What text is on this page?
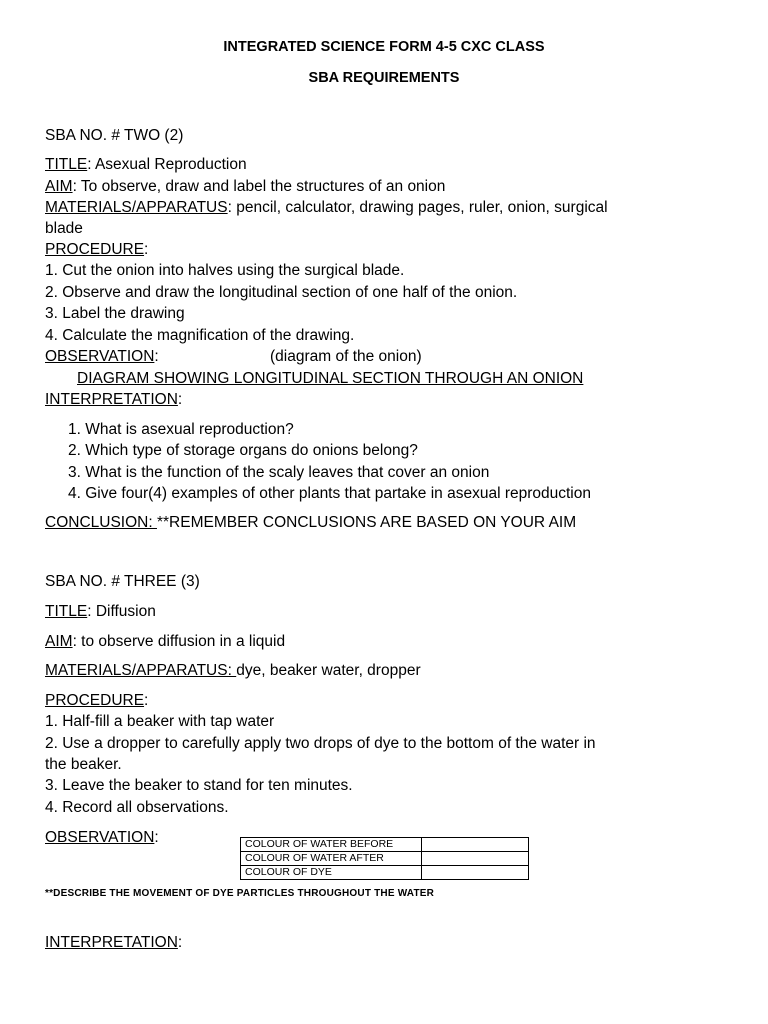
INTEGRATED SCIENCE FORM 4-5 CXC CLASS
SBA REQUIREMENTS
SBA NO. # TWO (2)
TITLE: Asexual Reproduction
AIM: To observe, draw and label the structures of an onion
MATERIALS/APPARATUS: pencil, calculator, drawing pages, ruler, onion, surgical
blade
PROCEDURE:
1. Cut the onion into halves using the surgical blade.
2. Observe and draw the longitudinal section of one half of the onion.
3. Label the drawing
4. Calculate the magnification of the drawing.
OBSERVATION:	(diagram of the onion)
DIAGRAM SHOWING LONGITUDINAL SECTION THROUGH AN ONION
INTERPRETATION:
1. What is asexual reproduction?
2. Which type of storage organs do onions belong?
3. What is the function of the scaly leaves that cover an onion
4. Give four(4) examples of other plants that partake in asexual reproduction
CONCLUSION: **REMEMBER CONCLUSIONS ARE BASED ON YOUR AIM
SBA NO. # THREE (3)
TITLE: Diffusion
AIM: to observe diffusion in a liquid
MATERIALS/APPARATUS: dye, beaker water, dropper
PROCEDURE:
1. Half-fill a beaker with tap water
2. Use a dropper to carefully apply two drops of dye to the bottom of the water in
the beaker.
3. Leave the beaker to stand for ten minutes.
4. Record all observations.
OBSERVATION:	COLOUR OF WATER BEFORE	
COLOUR OF WATER AFTER	
COLOUR OF DYE	
**DESCRIBE THE MOVEMENT OF DYE PARTICLES THROUGHOUT THE WATER
INTERPRETATION:
